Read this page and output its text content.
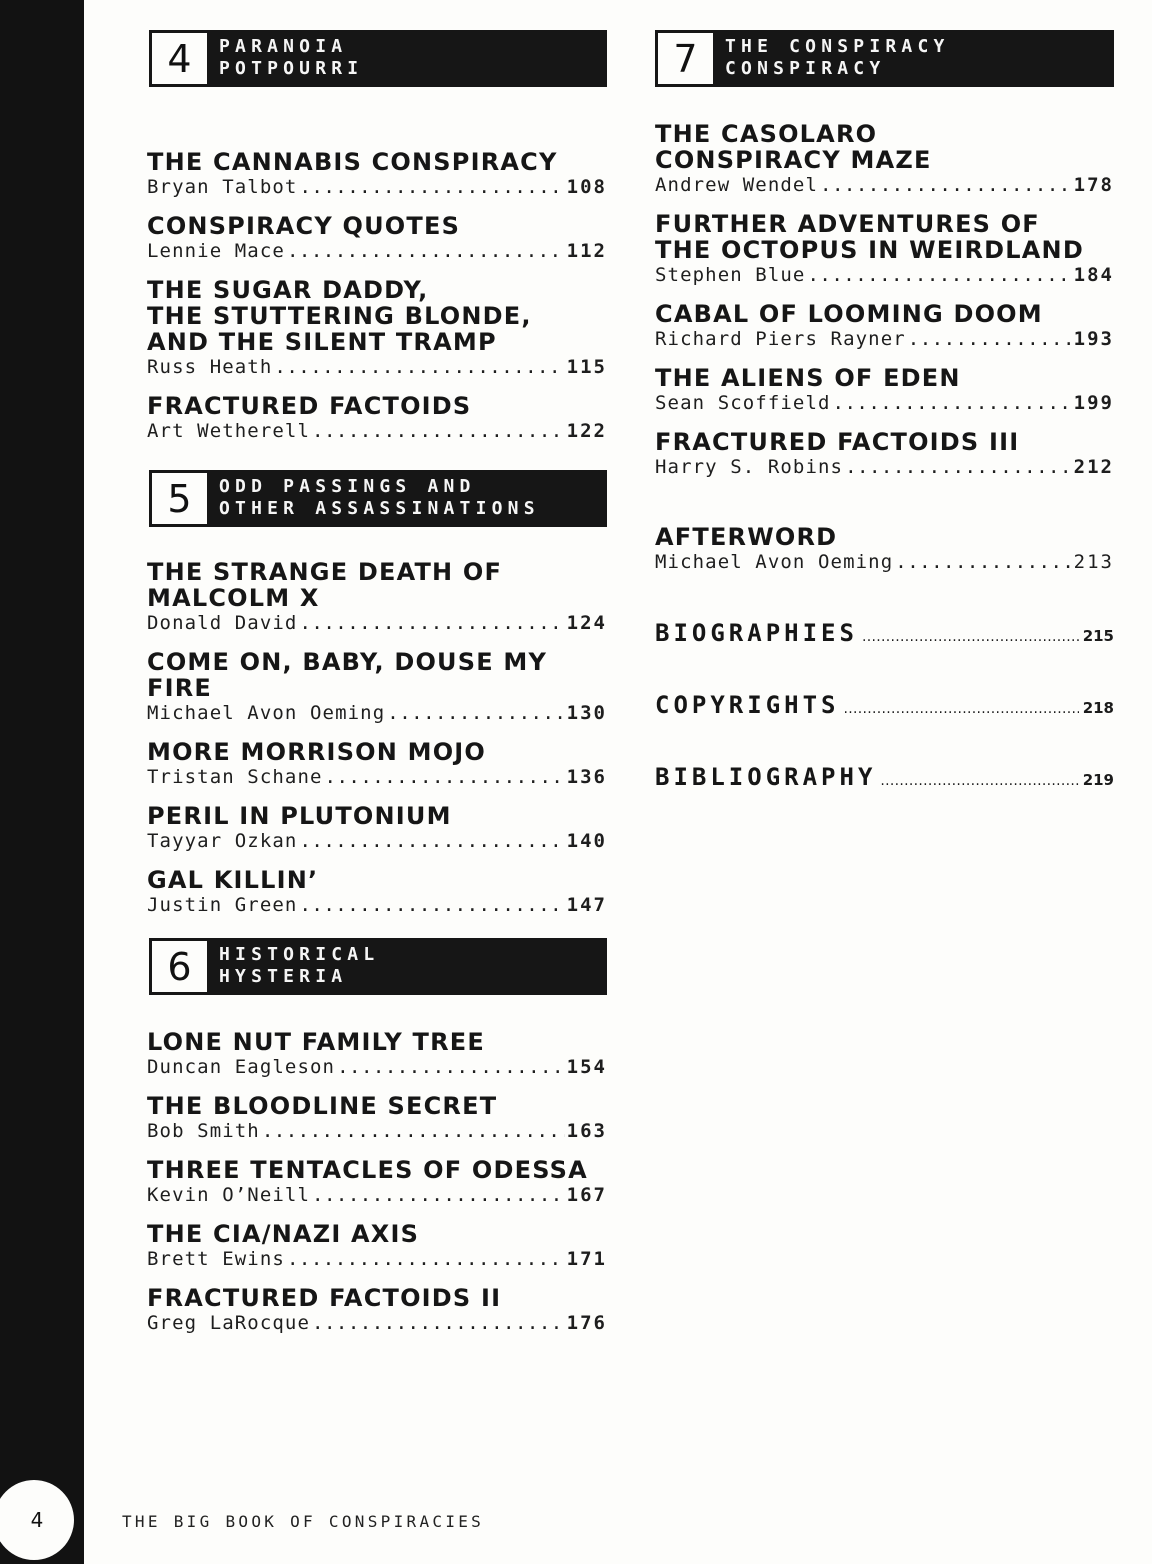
4	THE BIG BOOK OF CONSPIRACIES
4	PARANOIA
POTPOURRI
THE CANNABIS CONSPIRACY
Bryan Talbot .....	108
CONSPIRACY QUOTES
Lennie Mace .....	112
THE SUGAR DADDY,
THE STUTTERING BLONDE,
AND THE SILENT TRAMP
Russ Heath .....	115
FRACTURED FACTOIDS
Art Wetherell .....	122
5	ODD PASSINGS AND
OTHER ASSASSINATIONS
THE STRANGE DEATH OF
MALCOLM X
Donald David .....	124
COME ON, BABY, DOUSE MY FIRE
Michael Avon Oeming .....	130
MORE MORRISON MOJO
Tristan Schane .....	136
PERIL IN PLUTONIUM
Tayyar Ozkan .....	140
GAL KILLIN’
Justin Green .....	147
6	HISTORICAL
HYSTERIA
LONE NUT FAMILY TREE
Duncan Eagleson .....	154
THE BLOODLINE SECRET
Bob Smith .....	163
THREE TENTACLES OF ODESSA
Kevin O’Neill .....	167
THE CIA/NAZI AXIS
Brett Ewins .....	171
FRACTURED FACTOIDS II
Greg LaRocque .....	176
7	THE CONSPIRACY
CONSPIRACY
THE CASOLARO
CONSPIRACY MAZE
Andrew Wendel .....	178
FURTHER ADVENTURES OF
THE OCTOPUS IN WEIRDLAND
Stephen Blue .....	184
CABAL OF LOOMING DOOM
Richard Piers Rayner .....	193
THE ALIENS OF EDEN
Sean Scoffield .....	199
FRACTURED FACTOIDS III
Harry S. Robins .....	212
AFTERWORD
Michael Avon Oeming .....	213
BIOGRAPHIES .....	215
COPYRIGHTS .....	218
BIBLIOGRAPHY .....	219
